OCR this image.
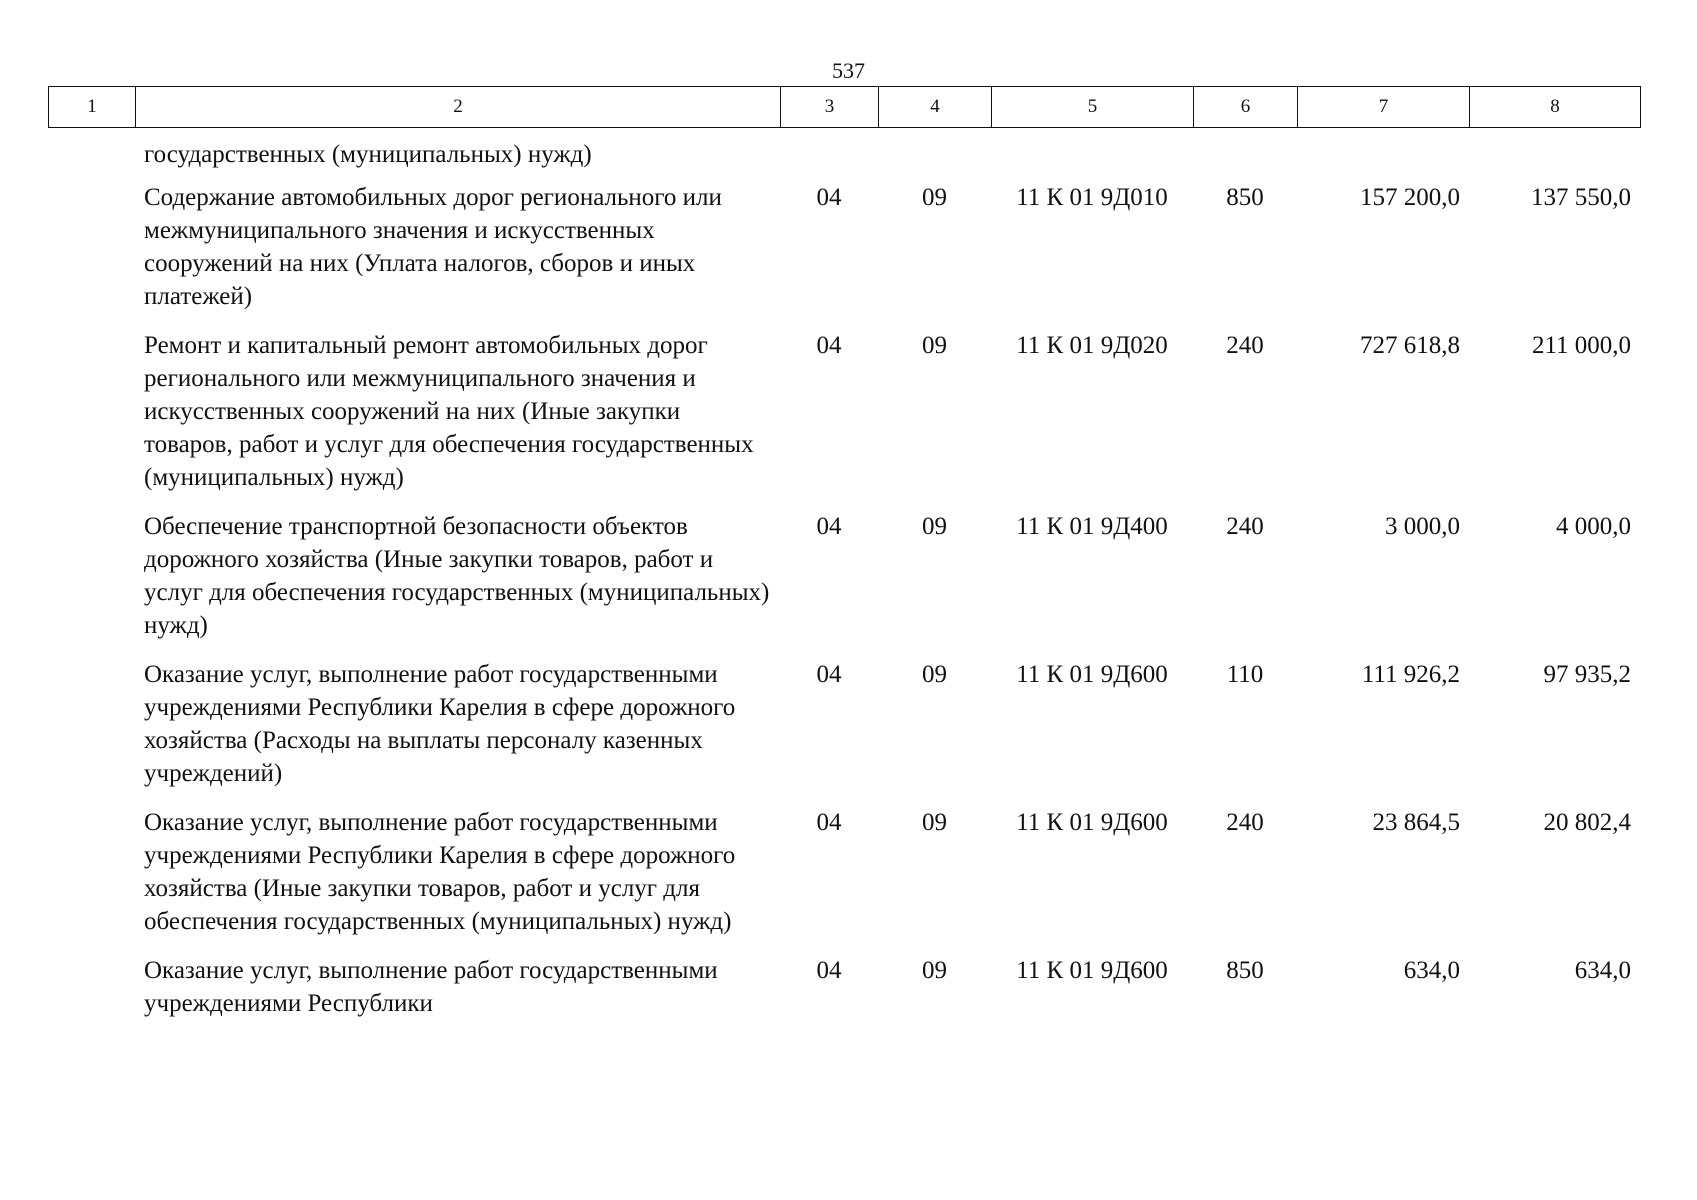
537
1	2	3	4	5	6	7	8
государственных (муниципальных) нужд)						
Содержание автомобильных дорог регионального или межмуниципального значения и искусственных сооружений на них (Уплата налогов, сборов и иных платежей)	04	09	11 К 01 9Д010	850	157 200,0	137 550,0
Ремонт и капитальный ремонт автомобильных дорог регионального или межмуниципального значения и искусственных сооружений на них (Иные закупки товаров, работ и услуг для обеспечения государственных (муниципальных) нужд)	04	09	11 К 01 9Д020	240	727 618,8	211 000,0
Обеспечение транспортной безопасности объектов дорожного хозяйства (Иные закупки товаров, работ и услуг для обеспечения государственных (муниципальных) нужд)	04	09	11 К 01 9Д400	240	3 000,0	4 000,0
Оказание услуг, выполнение работ государственными учреждениями Республики Карелия в сфере дорожного хозяйства (Расходы на выплаты персоналу казенных учреждений)	04	09	11 К 01 9Д600	110	111 926,2	97 935,2
Оказание услуг, выполнение работ государственными учреждениями Республики Карелия в сфере дорожного хозяйства (Иные закупки товаров, работ и услуг для обеспечения государственных (муниципальных) нужд)	04	09	11 К 01 9Д600	240	23 864,5	20 802,4
Оказание услуг, выполнение работ государственными учреждениями Республики	04	09	11 К 01 9Д600	850	634,0	634,0
